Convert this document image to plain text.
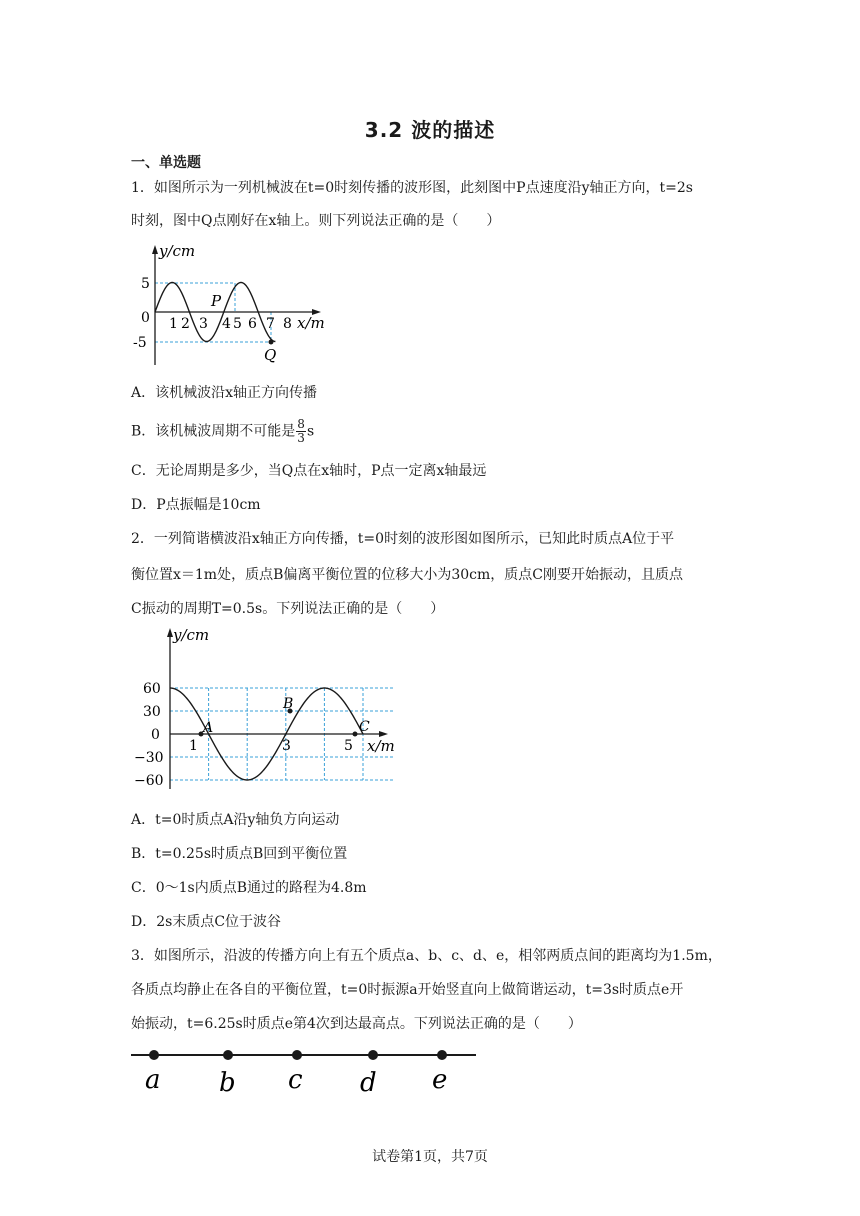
3.2 波的描述
一、单选题
1．如图所示为一列机械波在t=0时刻传播的波形图，此刻图中P点速度沿y轴正方向，t=2s
时刻，图中Q点刚好在x轴上。则下列说法正确的是（　　）
y/cm
5
0
-5
1 2 3 4 5 6 7 8 x/m
P
Q
A．该机械波沿x轴正方向传播
B．该机械波周期不可能是 $\frac{8}{3}$ s
C．无论周期是多少，当Q点在x轴时，P点一定离x轴最远
D．P点振幅是10cm
2．一列简谐横波沿x轴正方向传播，t=0时刻的波形图如图所示，已知此时质点A位于平
衡位置x＝1m处，质点B偏离平衡位置的位移大小为30cm，质点C刚要开始振动，且质点
C振动的周期T=0.5s。下列说法正确的是（　　）
y/cm
60
30
0
−30
−60
1	3	5 x/m
A
B
C
A．t=0时质点A沿y轴负方向运动
B．t=0.25s时质点B回到平衡位置
C．0～1s内质点B通过的路程为4.8m
D．2s末质点C位于波谷
3．如图所示，沿波的传播方向上有五个质点a、b、c、d、e，相邻两质点间的距离均为1.5m，
各质点均静止在各自的平衡位置，t=0时振源a开始竖直向上做简谐运动，t=3s时质点e开
始振动，t=6.25s时质点e第4次到达最高点。下列说法正确的是（　　）
a b c d e
试卷第1页，共7页
